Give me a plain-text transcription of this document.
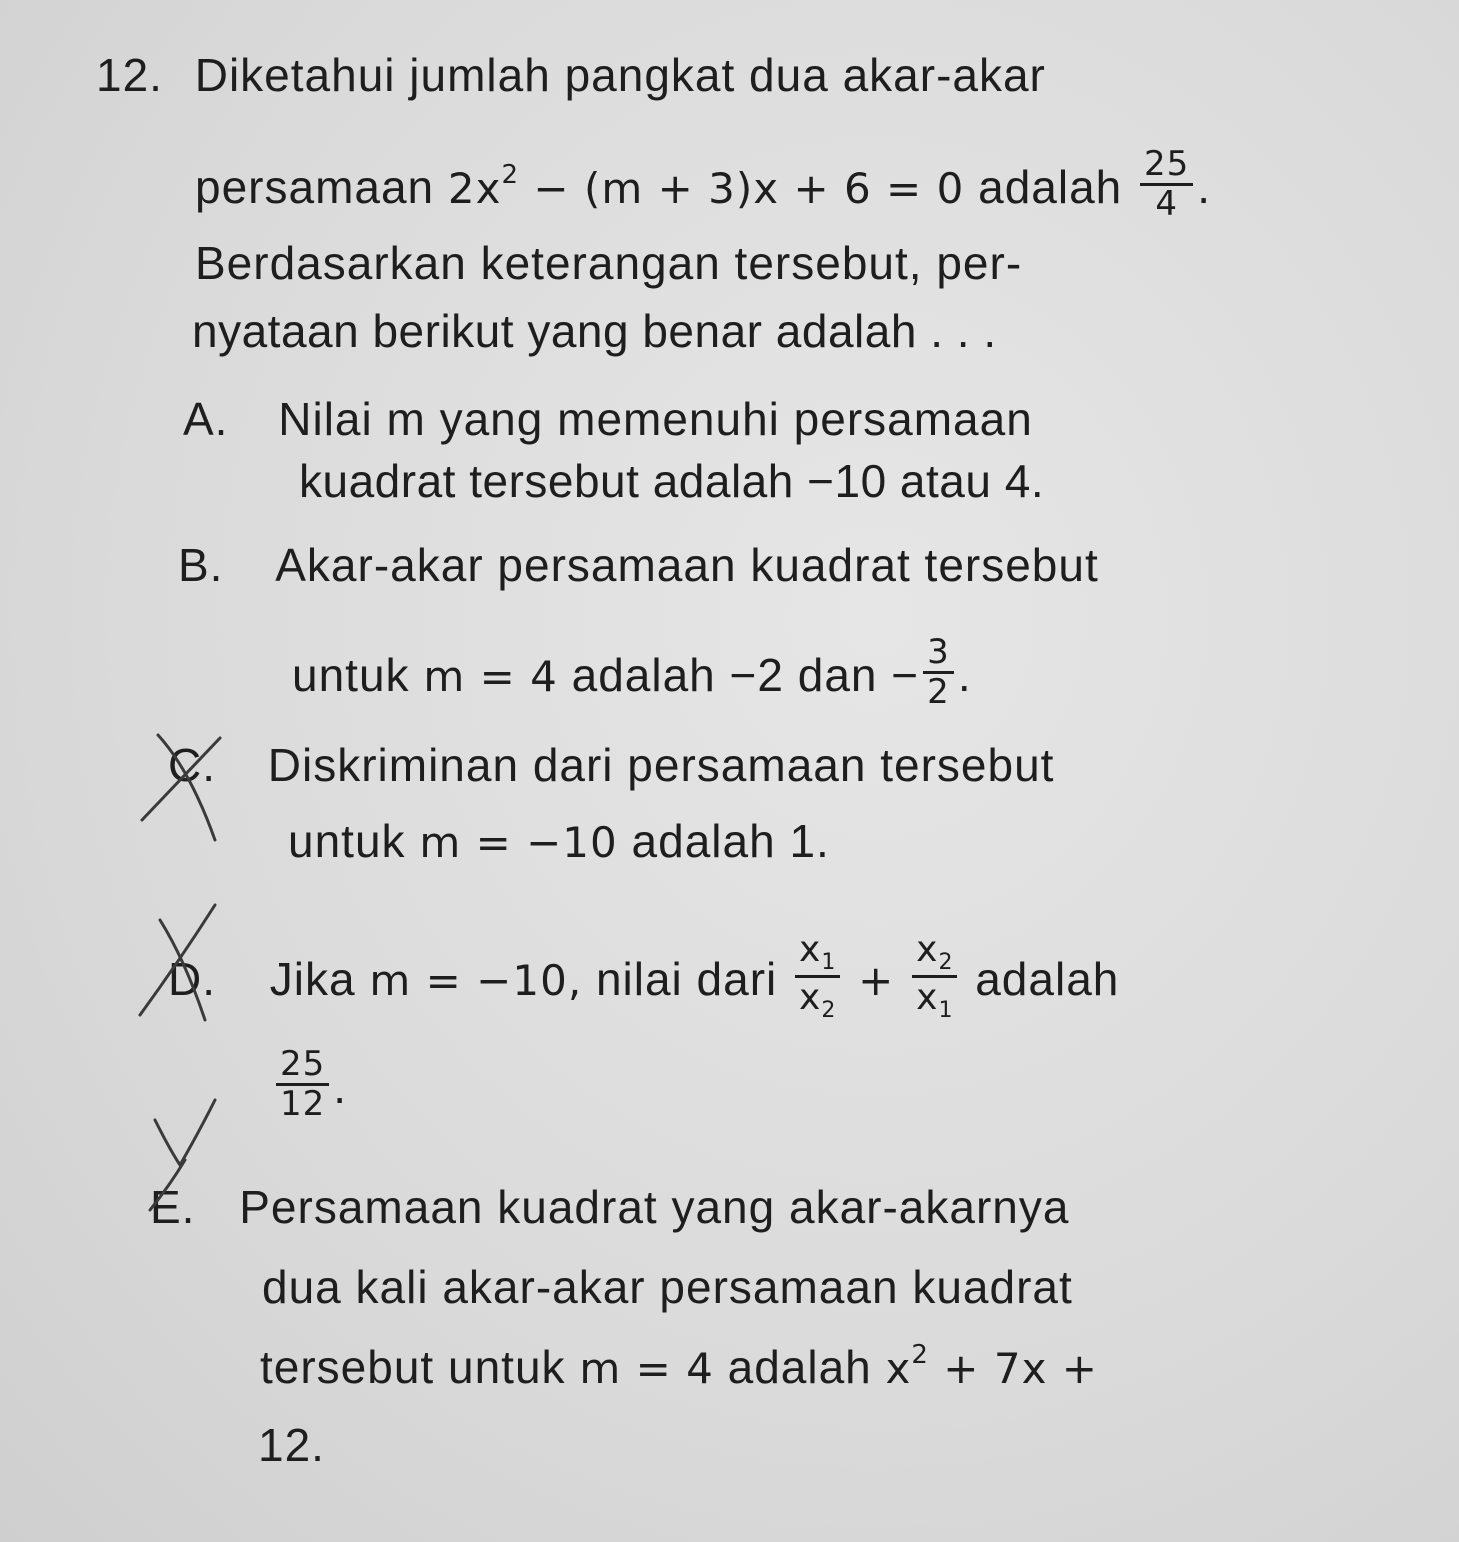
12. Diketahui jumlah pangkat dua akar-akar
persamaan $2x^2 - (m + 3)x + 6 = 0$ adalah $\frac{25}{4}$ .
Berdasarkan keterangan tersebut, per-
nyataan berikut yang benar adalah . . .
A. Nilai m yang memenuhi persamaan
kuadrat tersebut adalah −10 atau 4.
B. Akar-akar persamaan kuadrat tersebut
untuk m = 4 adalah −2 dan − $\frac{3}{2}$ .
C. Diskriminan dari persamaan tersebut
untuk m = −10 adalah 1.
D. Jika m = −10, nilai dari $\frac{x_1}{x_2} + \frac{x_2}{x_1}$ adalah
$\frac{25}{12}$ .
E. Persamaan kuadrat yang akar-akarnya
dua kali akar-akar persamaan kuadrat
tersebut untuk m = 4 adalah $x^2 + 7x$ +
12.
